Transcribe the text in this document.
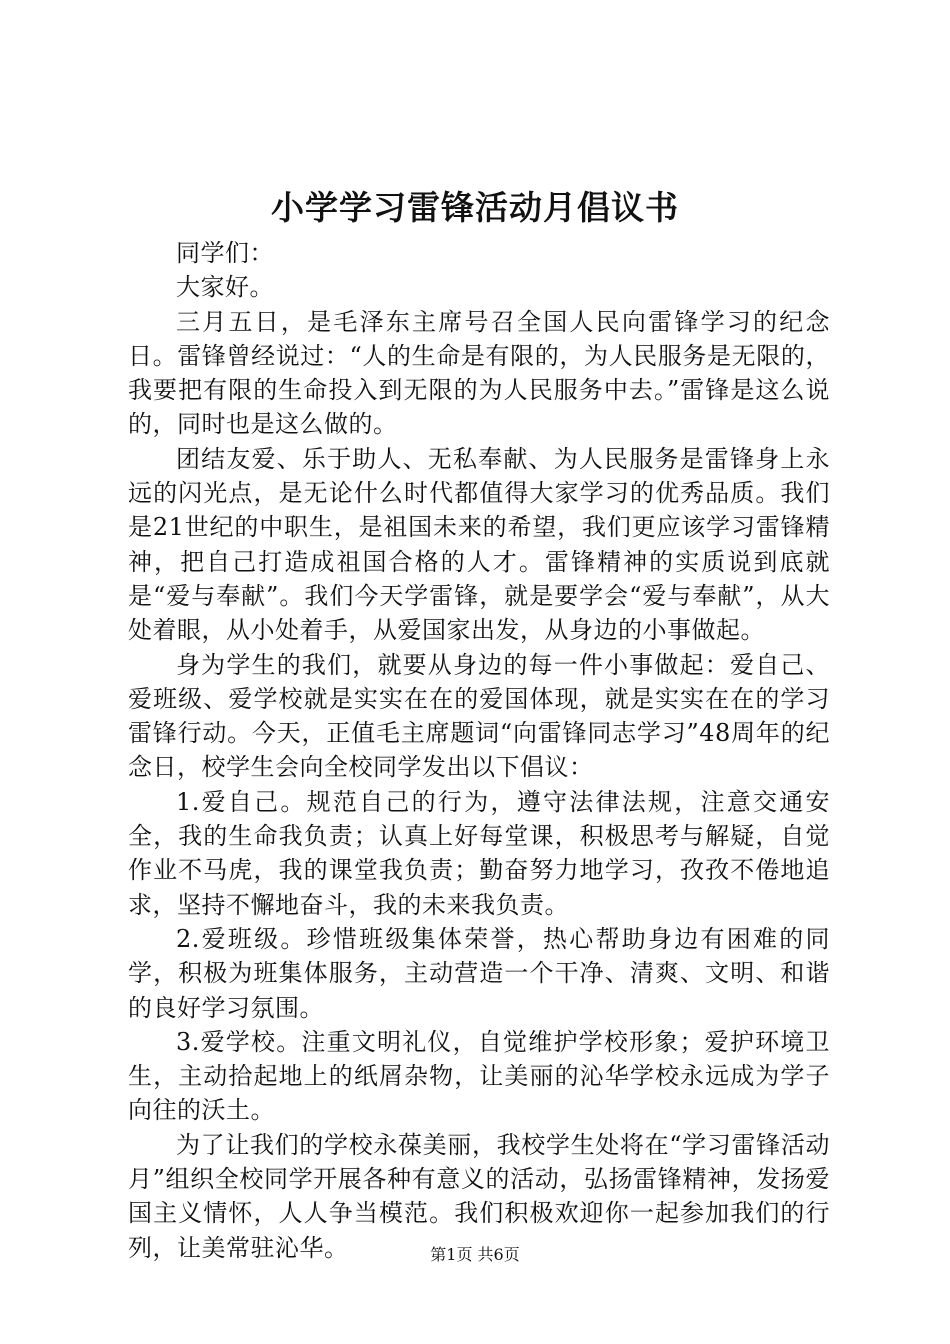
小学学习雷锋活动月倡议书

同学们：

大家好。

三月五日，是毛泽东主席号召全国人民向雷锋学习的纪念日。雷锋曾经说过：“人的生命是有限的，为人民服务是无限的，我要把有限的生命投入到无限的为人民服务中去。”雷锋是这么说的，同时也是这么做的。

团结友爱、乐于助人、无私奉献、为人民服务是雷锋身上永远的闪光点，是无论什么时代都值得大家学习的优秀品质。我们是21世纪的中职生，是祖国未来的希望，我们更应该学习雷锋精神，把自己打造成祖国合格的人才。雷锋精神的实质说到底就是“爱与奉献”。我们今天学雷锋，就是要学会“爱与奉献”，从大处着眼，从小处着手，从爱国家出发，从身边的小事做起。

身为学生的我们，就要从身边的每一件小事做起：爱自己、爱班级、爱学校就是实实在在的爱国体现，就是实实在在的学习雷锋行动。今天，正值毛主席题词“向雷锋同志学习”48周年的纪念日，校学生会向全校同学发出以下倡议：

1.爱自己。规范自己的行为，遵守法律法规，注意交通安全，我的生命我负责；认真上好每堂课，积极思考与解疑，自觉作业不马虎，我的课堂我负责；勤奋努力地学习，孜孜不倦地追求，坚持不懈地奋斗，我的未来我负责。

2.爱班级。珍惜班级集体荣誉，热心帮助身边有困难的同学，积极为班集体服务，主动营造一个干净、清爽、文明、和谐的良好学习氛围。

3.爱学校。注重文明礼仪，自觉维护学校形象；爱护环境卫生，主动拾起地上的纸屑杂物，让美丽的沁华学校永远成为学子向往的沃土。

为了让我们的学校永葆美丽，我校学生处将在“学习雷锋活动月”组织全校同学开展各种有意义的活动，弘扬雷锋精神，发扬爱国主义情怀，人人争当模范。我们积极欢迎你一起参加我们的行列，让美常驻沁华。	第1页 共6页
